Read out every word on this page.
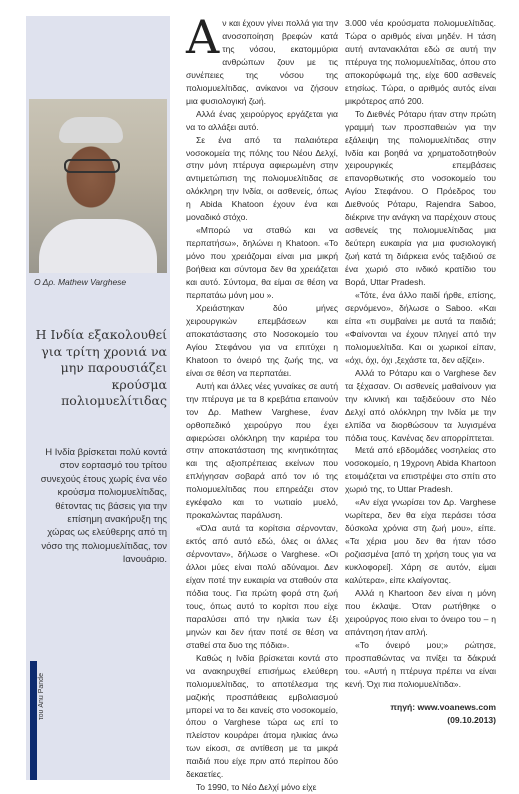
Ο Δρ. Mathew Varghese
Η Ινδία εξακολουθεί για τρίτη χρονιά να μην παρουσιάζει κρούσμα πολιομυελίτιδας
Η Ινδία βρίσκεται πολύ κοντά στον εορτασμό του τρίτου συνεχούς έτους χωρίς ένα νέο κρούσμα πολιομυελίτιδας, θέτοντας τις βάσεις για την επίσημη ανακήρυξη της χώρας ως ελεύθερης από τη νόσο της πολιομυελίτιδας, τον Ιανουάριο.
του Anu Pande

Αν και έχουν γίνει πολλά για την ανοσοποίηση βρεφών κατά της νόσου, εκατομμύρια ανθρώπων ζουν με τις συνέπειες της νόσου της πολιομυελίτιδας, ανίκανοι να ζήσουν μια φυσιολογική ζωή.

Αλλά ένας χειρούργος εργάζεται για να το αλλάξει αυτό.

Σε ένα από τα παλαιότερα νοσοκομεία της πόλης του Νέου Δελχί, στην μόνη πτέρυγα αφιερωμένη στην αντιμετώπιση της πολιομυελίτιδας σε ολόκληρη την Ινδία, οι ασθενείς, όπως η Abida Khatoon έχουν ένα και μοναδικό στόχο.

«Μπορώ να σταθώ και να περπατήσω», δηλώνει η Khatoon. «Το μόνο που χρειάζομαι είναι μια μικρή βοήθεια και σύντομα δεν θα χρειάζεται και αυτό. Σύντομα, θα είμαι σε θέση να περπατάω μόνη μου ».

Χρειάστηκαν δύο μήνες χειρουργικών επεμβάσεων και αποκατάστασης στο Νοσοκομείο του Αγίου Στεφάνου για να επιτύχει η Khatoon το όνειρό της ζωής της, να είναι σε θέση να περπατάει.

Αυτή και άλλες νέες γυναίκες σε αυτή την πτέρυγα με τα 8 κρεβάτια επαινούν τον Δρ. Mathew Varghese, έναν ορθοπεδικό χειρούργο που έχει αφιερώσει ολόκληρη την καριέρα του στην αποκατάσταση της κινητικότητας και της αξιοπρέπειας εκείνων που επλήγησαν σοβαρά από τον ιό της πολιομυελίτιδας που επηρεάζει στον εγκέφαλο και το νωτιαίο μυελό, προκαλώντας παράλυση.

«Όλα αυτά τα κορίτσια σέρνονταν, εκτός από αυτό εδώ, όλες οι άλλες σέρνονταν», δήλωσε ο Varghese. «Οι άλλοι μύες είναι πολύ αδύναμοι. Δεν είχαν ποτέ την ευκαιρία να σταθούν στα πόδια τους. Για πρώτη φορά στη ζωή τους, όπως αυτό το κορίτσι που είχε παραλύσει από την ηλικία των έξι μηνών και δεν ήταν ποτέ σε θέση να σταθεί στα δυο της πόδια».

Καθώς η Ινδία βρίσκεται κοντά στο να ανακηρυχθεί επισήμως ελεύθερη πολιομυελίτιδας, το αποτέλεσμα της μαζικής προσπάθειας εμβολιασμού μπορεί να το δει κανείς στο νοσοκομείο, όπου ο Varghese τώρα ως επί το πλείστον κουράρει άτομα ηλικίας άνω των είκοσι, σε αντίθεση με τα μικρά παιδιά που είχε πριν από περίπου δύο δεκαετίες.

Το 1990, το Νέο Δελχί μόνο είχε

3.000 νέα κρούσματα πολιομυελίτιδας. Τώρα ο αριθμός είναι μηδέν. Η τάση αυτή αντανακλάται εδώ σε αυτή την πτέρυγα της πολιομυελίτιδας, όπου στο αποκορύφωμά της, είχε 600 ασθενείς ετησίως. Τώρα, ο αριθμός αυτός είναι μικρότερος από 200.

Το Διεθνές Ρόταρυ ήταν στην πρώτη γραμμή των προσπαθειών για την εξάλειψη της πολιομυελίτιδας στην Ινδία και βοηθά να χρηματοδοτηθούν χειρουργικές επεμβάσεις επανορθωτικής στο νοσοκομείο του Αγίου Στεφάνου. Ο Πρόεδρος του Διεθνούς Ρόταρυ, Rajendra Saboo, διέκρινε την ανάγκη να παρέχουν στους ασθενείς της πολιομυελίτιδας μια δεύτερη ευκαιρία για μια φυσιολογική ζωή κατά τη διάρκεια ενός ταξιδιού σε ένα χωριό στο ινδικό κρατίδιο του Βορά, Uttar Pradesh.

«Τότε, ένα άλλο παιδί ήρθε, επίσης, σερνόμενο», δήλωσε ο Saboo. «Και είπα «τι συμβαίνει με αυτά τα παιδιά; «Φαίνονται να έχουν πληγεί από την πολιομυελίτιδα. Και οι χωρικοί είπαν, «όχι, όχι, όχι ,ξεχάστε τα, δεν αξίζει».

Αλλά το Ρόταρυ και ο Varghese δεν τα ξέχασαν. Οι ασθενείς μαθαίνουν για την κλινική και ταξιδεύουν στο Νέο Δελχί από ολόκληρη την Ινδία με την ελπίδα να διορθώσουν τα λυγισμένα πόδια τους. Κανένας δεν απορρίπτεται.

Μετά από εβδομάδες νοσηλείας στο νοσοκομείο, η 19χρονη Abida Khartoon ετοιμάζεται να επιστρέψει στο σπίτι στο χωριό της, το Uttar Pradesh.

«Αν είχα γνωρίσει τον Δρ. Varghese νωρίτερα, δεν θα είχα περάσει τόσα δύσκολα χρόνια στη ζωή μου», είπε. «Τα χέρια μου δεν θα ήταν τόσο ροζιασμένα [από τη χρήση τους για να κυκλοφορεί]. Χάρη σε αυτόν, είμαι καλύτερα», είπε κλαίγοντας.

Αλλά η Khartoon δεν είναι η μόνη που έκλαψε. Όταν ρωτήθηκε ο χειρούργος ποιο είναι το όνειρο του – η απάντηση ήταν απλή.

«Το όνειρό μου;» ρώτησε, προσπαθώντας να πνίξει τα δάκρυά του. «Αυτή η πτέρυγα πρέπει να είναι κενή. Όχι πια πολιομυελίτιδα».

πηγή: www.voanews.com
(09.10.2013)
